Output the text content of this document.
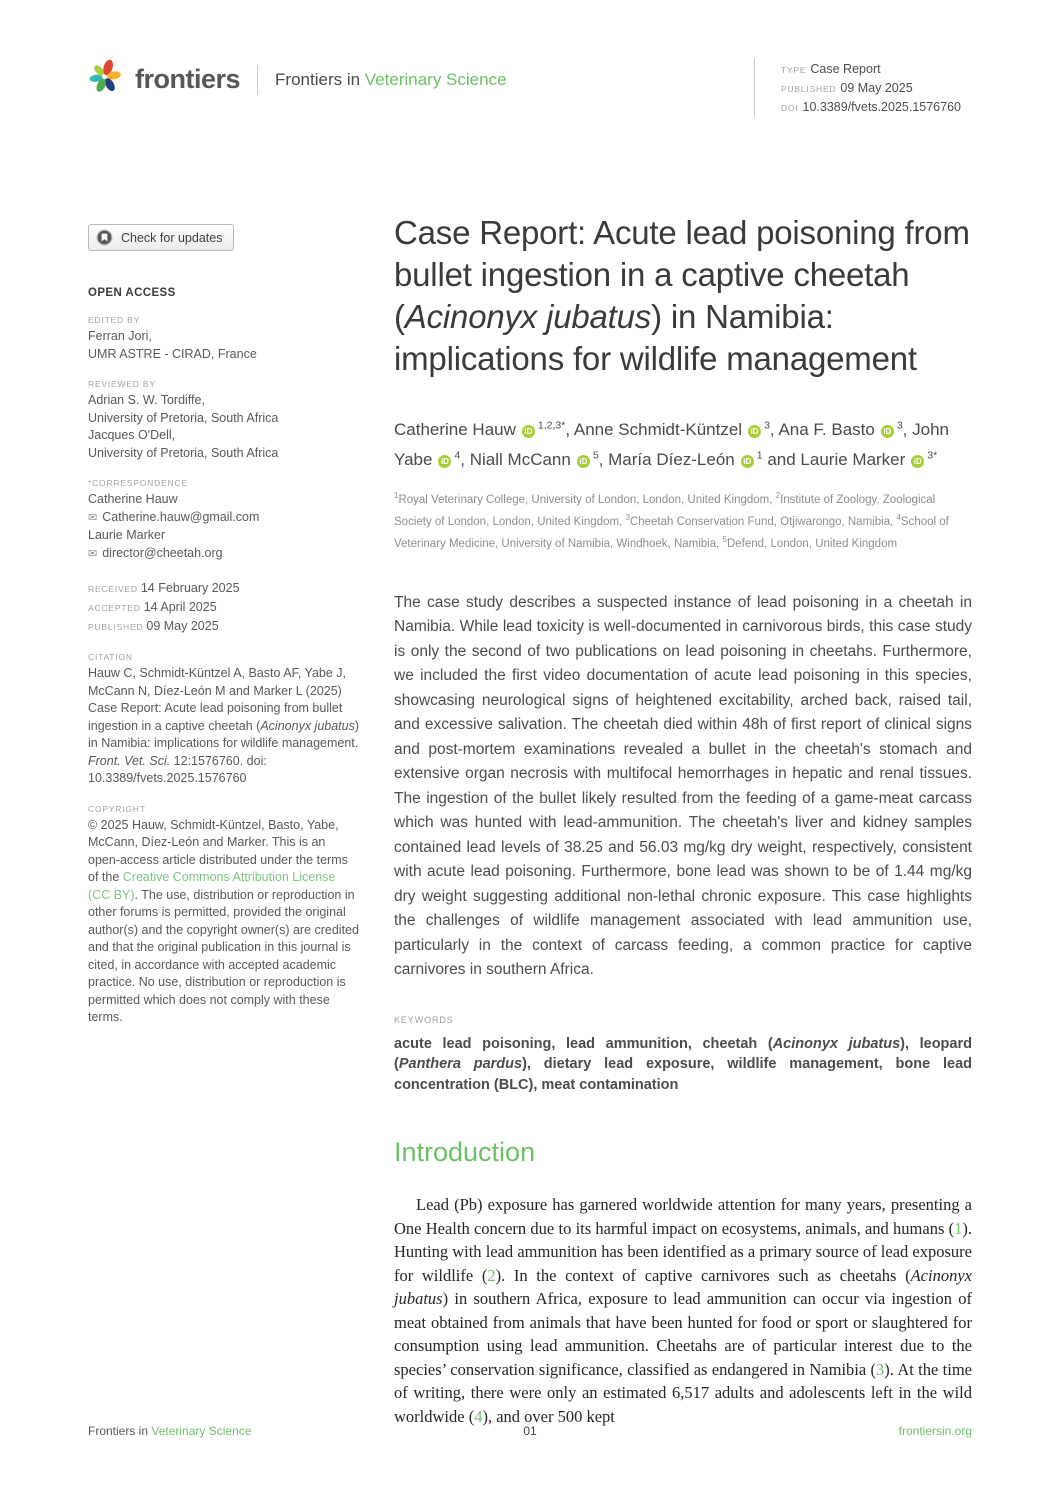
frontiers Frontiers in Veterinary Science	TYPE Case Report
PUBLISHED 09 May 2025
DOI 10.3389/fvets.2025.1576760
Check for updates
OPEN ACCESS
EDITED BY
Ferran Jori,
UMR ASTRE - CIRAD, France
REVIEWED BY
Adrian S. W. Tordiffe,
University of Pretoria, South Africa
Jacques O'Dell,
University of Pretoria, South Africa
*CORRESPONDENCE
Catherine Hauw
✉ Catherine.hauw@gmail.com
Laurie Marker
✉ director@cheetah.org
RECEIVED 14 February 2025
ACCEPTED 14 April 2025
PUBLISHED 09 May 2025
CITATION
Hauw C, Schmidt-Küntzel A, Basto AF, Yabe J, McCann N, Díez-León M and Marker L (2025) Case Report: Acute lead poisoning from bullet ingestion in a captive cheetah (Acinonyx jubatus) in Namibia: implications for wildlife management. Front. Vet. Sci. 12:1576760. doi: 10.3389/fvets.2025.1576760
COPYRIGHT
© 2025 Hauw, Schmidt-Küntzel, Basto, Yabe, McCann, Díez-León and Marker. This is an open-access article distributed under the terms of the Creative Commons Attribution License (CC BY). The use, distribution or reproduction in other forums is permitted, provided the original author(s) and the copyright owner(s) are credited and that the original publication in this journal is cited, in accordance with accepted academic practice. No use, distribution or reproduction is permitted which does not comply with these terms.
Case Report: Acute lead poisoning from bullet ingestion in a captive cheetah (Acinonyx jubatus) in Namibia: implications for wildlife management
Catherine Hauw $iD^{1,2,3*}$, Anne Schmidt-Küntzel $iD^3$, Ana F. Basto $iD^3$, John Yabe $iD^4$, Niall McCann $iD^5$, María Díez-León $iD^1$ and Laurie Marker $iD^{3*}$
$^1$Royal Veterinary College, University of London, London, United Kingdom, $^2$Institute of Zoology, Zoological Society of London, London, United Kingdom, $^3$Cheetah Conservation Fund, Otjiwarongo, Namibia, $^4$School of Veterinary Medicine, University of Namibia, Windhoek, Namibia, $^5$Defend, London, United Kingdom
The case study describes a suspected instance of lead poisoning in a cheetah in Namibia. While lead toxicity is well-documented in carnivorous birds, this case study is only the second of two publications on lead poisoning in cheetahs. Furthermore, we included the first video documentation of acute lead poisoning in this species, showcasing neurological signs of heightened excitability, arched back, raised tail, and excessive salivation. The cheetah died within 48h of first report of clinical signs and post-mortem examinations revealed a bullet in the cheetah's stomach and extensive organ necrosis with multifocal hemorrhages in hepatic and renal tissues. The ingestion of the bullet likely resulted from the feeding of a game-meat carcass which was hunted with lead-ammunition. The cheetah's liver and kidney samples contained lead levels of 38.25 and 56.03 mg/kg dry weight, respectively, consistent with acute lead poisoning. Furthermore, bone lead was shown to be of 1.44 mg/kg dry weight suggesting additional non-lethal chronic exposure. This case highlights the challenges of wildlife management associated with lead ammunition use, particularly in the context of carcass feeding, a common practice for captive carnivores in southern Africa.
KEYWORDS
acute lead poisoning, lead ammunition, cheetah (Acinonyx jubatus), leopard (Panthera pardus), dietary lead exposure, wildlife management, bone lead concentration (BLC), meat contamination
Introduction

Lead (Pb) exposure has garnered worldwide attention for many years, presenting a One Health concern due to its harmful impact on ecosystems, animals, and humans (1). Hunting with lead ammunition has been identified as a primary source of lead exposure for wildlife (2). In the context of captive carnivores such as cheetahs (Acinonyx jubatus) in southern Africa, exposure to lead ammunition can occur via ingestion of meat obtained from animals that have been hunted for food or sport or slaughtered for consumption using lead ammunition. Cheetahs are of particular interest due to the species’ conservation significance, classified as endangered in Namibia (3). At the time of writing, there were only an estimated 6,517 adults and adolescents left in the wild worldwide (4), and over 500 kept

Frontiers in Veterinary Science	01	frontiersin.org
